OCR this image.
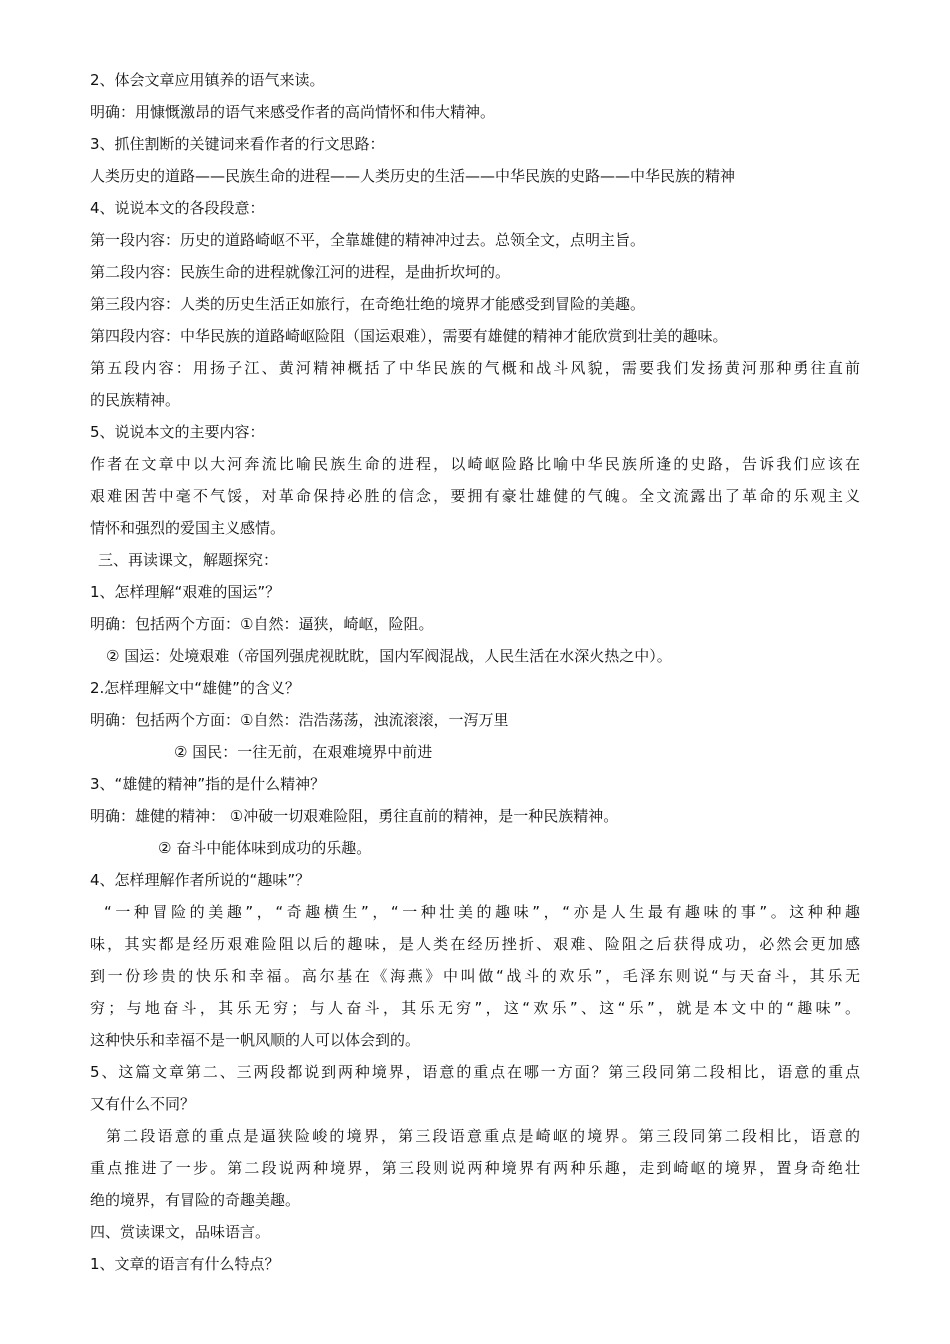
2、体会文章应用镇养的语气来读。
明确：用慷慨激昂的语气来感受作者的高尚情怀和伟大精神。
3、抓住割断的关键词来看作者的行文思路：
人类历史的道路——民族生命的进程——人类历史的生活——中华民族的史路——中华民族的精神
4、说说本文的各段段意：
第一段内容：历史的道路崎岖不平，全靠雄健的精神冲过去。总领全文，点明主旨。
第二段内容：民族生命的进程就像江河的进程，是曲折坎坷的。
第三段内容：人类的历史生活正如旅行，在奇绝壮绝的境界才能感受到冒险的美趣。
第四段内容：中华民族的道路崎岖险阻（国运艰难），需要有雄健的精神才能欣赏到壮美的趣味。
第五段内容：用扬子江、黄河精神概括了中华民族的气概和战斗风貌，需要我们发扬黄河那种勇往直前
的民族精神。
5、说说本文的主要内容：
作者在文章中以大河奔流比喻民族生命的进程，以崎岖险路比喻中华民族所逢的史路，告诉我们应该在
艰难困苦中毫不气馁，对革命保持必胜的信念，要拥有豪壮雄健的气魄。全文流露出了革命的乐观主义
情怀和强烈的爱国主义感情。
三、再读课文，解题探究：
1、怎样理解“艰难的国运”？
明确：包括两个方面：①自然：逼狭，崎岖，险阻。
② 国运：处境艰难（帝国列强虎视眈眈，国内军阀混战，人民生活在水深火热之中）。
2.怎样理解文中“雄健”的含义？
明确：包括两个方面：①自然：浩浩荡荡，浊流滚滚，一泻万里
② 国民：一往无前，在艰难境界中前进
3、“雄健的精神”指的是什么精神？
明确：雄健的精神： ①冲破一切艰难险阻，勇往直前的精神，是一种民族精神。
② 奋斗中能体味到成功的乐趣。
4、怎样理解作者所说的“趣味”？
“一种冒险的美趣”，“奇趣横生”，“一种壮美的趣味”，“亦是人生最有趣味的事”。这种种趣
味，其实都是经历艰难险阻以后的趣味，是人类在经历挫折、艰难、险阻之后获得成功，必然会更加感
到一份珍贵的快乐和幸福。高尔基在《海燕》中叫做“战斗的欢乐”，毛泽东则说“与天奋斗，其乐无
穷；与地奋斗，其乐无穷；与人奋斗，其乐无穷”，这“欢乐”、这“乐”，就是本文中的“趣味”。
这种快乐和幸福不是一帆风顺的人可以体会到的。
5、这篇文章第二、三两段都说到两种境界，语意的重点在哪一方面？第三段同第二段相比，语意的重点
又有什么不同？
第二段语意的重点是逼狭险峻的境界，第三段语意重点是崎岖的境界。第三段同第二段相比，语意的
重点推进了一步。第二段说两种境界，第三段则说两种境界有两种乐趣，走到崎岖的境界，置身奇绝壮
绝的境界，有冒险的奇趣美趣。
四、赏读课文，品味语言。
1、文章的语言有什么特点？
